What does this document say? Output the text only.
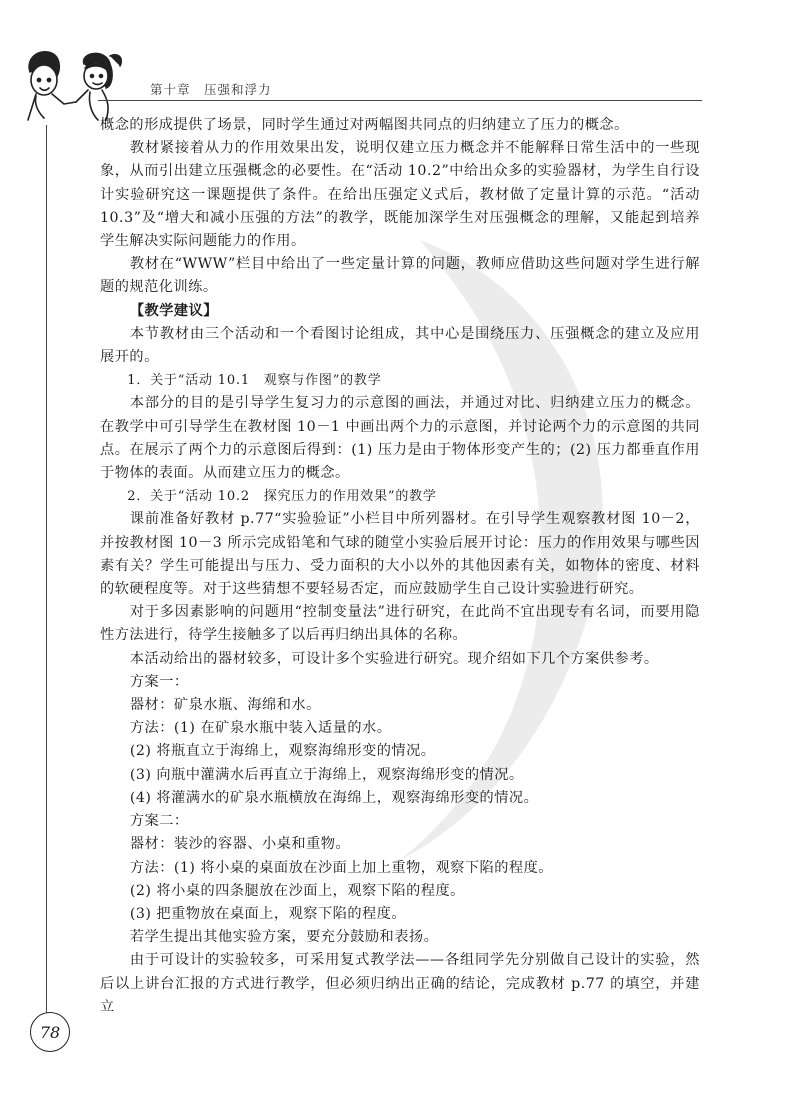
第十章　压强和浮力

概念的形成提供了场景，同时学生通过对两幅图共同点的归纳建立了压力的概念。

教材紧接着从力的作用效果出发，说明仅建立压力概念并不能解释日常生活中的一些现象，从而引出建立压强概念的必要性。在“活动 10.2”中给出众多的实验器材，为学生自行设计实验研究这一课题提供了条件。在给出压强定义式后，教材做了定量计算的示范。“活动 10.3”及“增大和减小压强的方法”的教学，既能加深学生对压强概念的理解，又能起到培养学生解决实际问题能力的作用。

教材在“WWW”栏目中给出了一些定量计算的问题，教师应借助这些问题对学生进行解题的规范化训练。

【教学建议】

本节教材由三个活动和一个看图讨论组成，其中心是围绕压力、压强概念的建立及应用展开的。

1．关于“活动 10.1　观察与作图”的教学

本部分的目的是引导学生复习力的示意图的画法，并通过对比、归纳建立压力的概念。在教学中可引导学生在教材图 10－1 中画出两个力的示意图，并讨论两个力的示意图的共同点。在展示了两个力的示意图后得到：(1) 压力是由于物体形变产生的；(2) 压力都垂直作用于物体的表面。从而建立压力的概念。

2．关于“活动 10.2　探究压力的作用效果”的教学

课前准备好教材 p.77“实验验证”小栏目中所列器材。在引导学生观察教材图 10－2，并按教材图 10－3 所示完成铅笔和气球的随堂小实验后展开讨论：压力的作用效果与哪些因素有关？学生可能提出与压力、受力面积的大小以外的其他因素有关，如物体的密度、材料的软硬程度等。对于这些猜想不要轻易否定，而应鼓励学生自己设计实验进行研究。

对于多因素影响的问题用“控制变量法”进行研究，在此尚不宜出现专有名词，而要用隐性方法进行，待学生接触多了以后再归纳出具体的名称。

本活动给出的器材较多，可设计多个实验进行研究。现介绍如下几个方案供参考。

方案一：

器材：矿泉水瓶、海绵和水。

方法：(1) 在矿泉水瓶中装入适量的水。

(2) 将瓶直立于海绵上，观察海绵形变的情况。

(3) 向瓶中灌满水后再直立于海绵上，观察海绵形变的情况。

(4) 将灌满水的矿泉水瓶横放在海绵上，观察海绵形变的情况。

方案二：

器材：装沙的容器、小桌和重物。

方法：(1) 将小桌的桌面放在沙面上加上重物，观察下陷的程度。

(2) 将小桌的四条腿放在沙面上，观察下陷的程度。

(3) 把重物放在桌面上，观察下陷的程度。

若学生提出其他实验方案，要充分鼓励和表扬。

由于可设计的实验较多，可采用复式教学法——各组同学先分别做自己设计的实验，然后以上讲台汇报的方式进行教学，但必须归纳出正确的结论，完成教材 p.77 的填空，并建立

78
